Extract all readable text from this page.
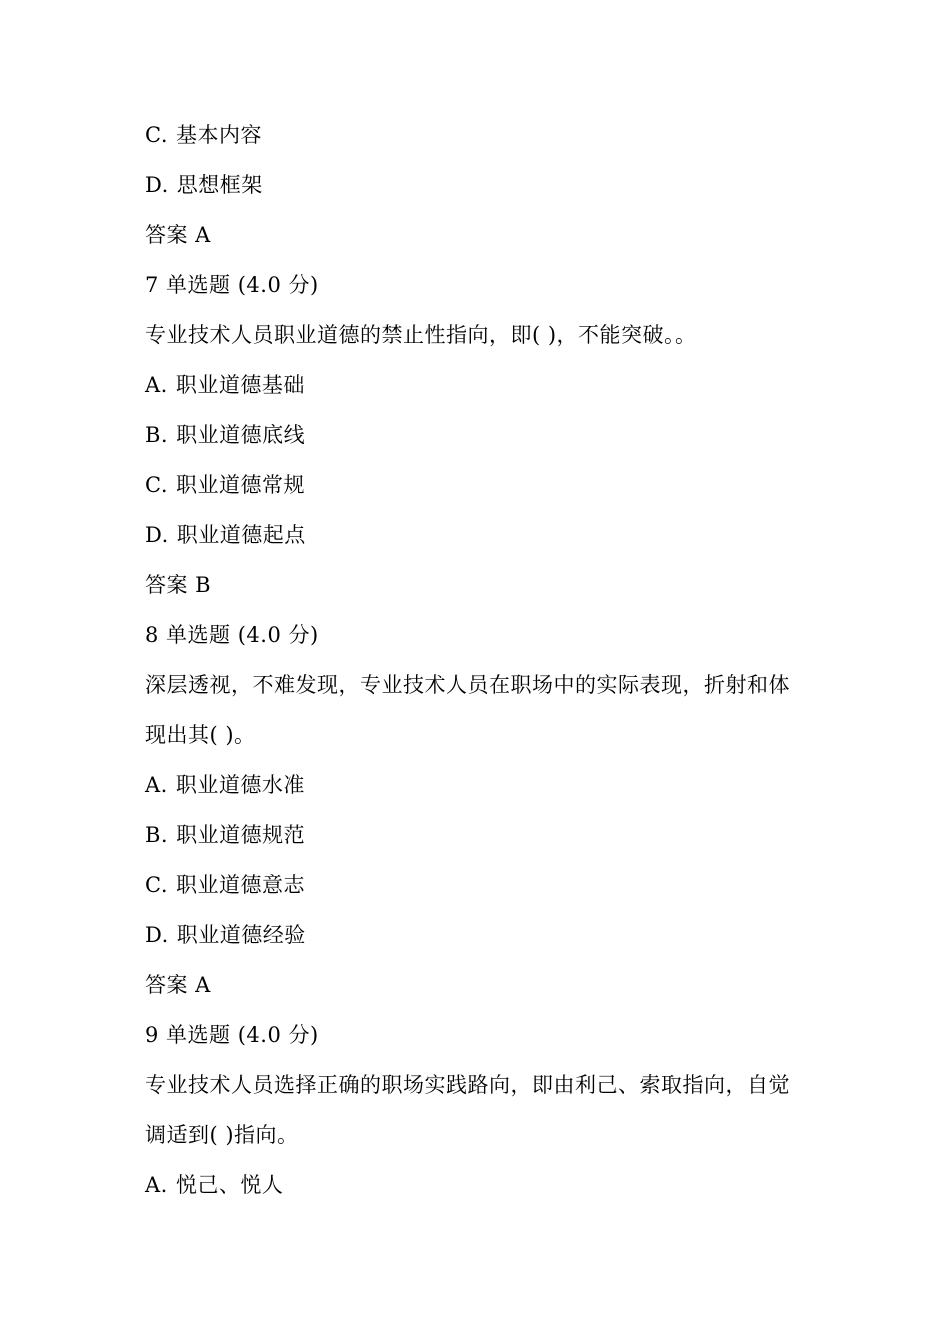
C. 基本内容
D. 思想框架
答案 A
7 单选题 (4.0 分)
专业技术人员职业道德的禁止性指向，即( )，不能突破。。
A. 职业道德基础
B. 职业道德底线
C. 职业道德常规
D. 职业道德起点
答案 B
8 单选题 (4.0 分)
深层透视，不难发现，专业技术人员在职场中的实际表现，折射和体
现出其( )。
A. 职业道德水准
B. 职业道德规范
C. 职业道德意志
D. 职业道德经验
答案 A
9 单选题 (4.0 分)
专业技术人员选择正确的职场实践路向，即由利己、索取指向，自觉
调适到( )指向。
A. 悦己、悦人
